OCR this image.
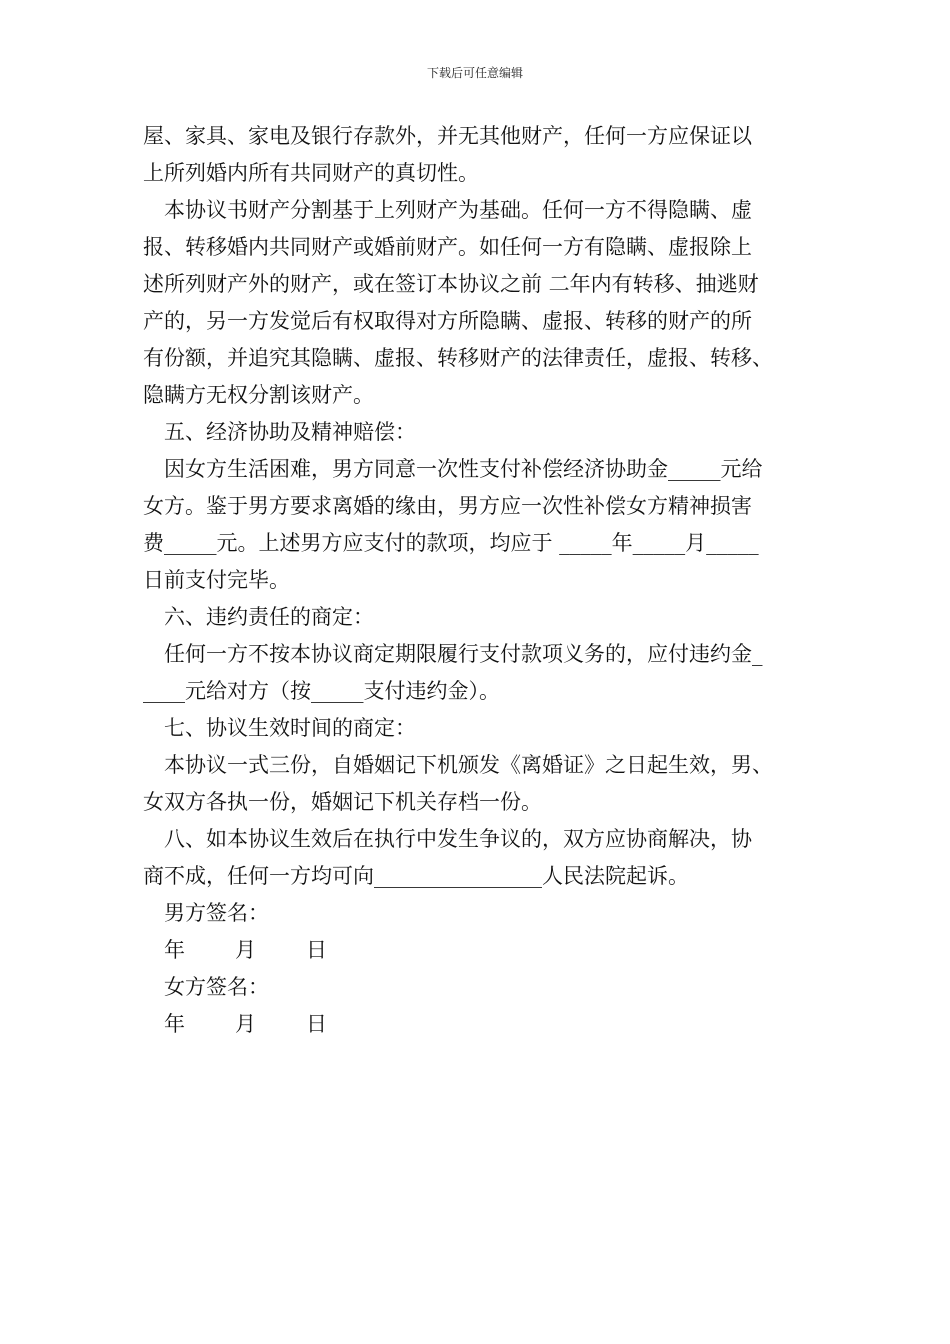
下载后可任意编辑
屋、家具、家电及银行存款外，并无其他财产，任何一方应保证以
上所列婚内所有共同财产的真切性。
本协议书财产分割基于上列财产为基础。任何一方不得隐瞒、虚
报、转移婚内共同财产或婚前财产。如任何一方有隐瞒、虚报除上
述所列财产外的财产，或在签订本协议之前 二年内有转移、抽逃财
产的，另一方发觉后有权取得对方所隐瞒、虚报、转移的财产的所
有份额，并追究其隐瞒、虚报、转移财产的法律责任，虚报、转移、
隐瞒方无权分割该财产。
五、经济协助及精神赔偿：
因女方生活困难，男方同意一次性支付补偿经济协助金_____元给
女方。鉴于男方要求离婚的缘由，男方应一次性补偿女方精神损害
费_____元。上述男方应支付的款项，均应于 _____年_____月_____
日前支付完毕。
六、违约责任的商定：
任何一方不按本协议商定期限履行支付款项义务的，应付违约金_
____元给对方（按_____支付违约金）。
七、协议生效时间的商定：
本协议一式三份，自婚姻记下机颁发《离婚证》之日起生效，男、
女双方各执一份，婚姻记下机关存档一份。
八、如本协议生效后在执行中发生争议的，双方应协商解决，协
商不成，任何一方均可向________________人民法院起诉。
男方签名：
年 月 日
女方签名：
年 月 日
